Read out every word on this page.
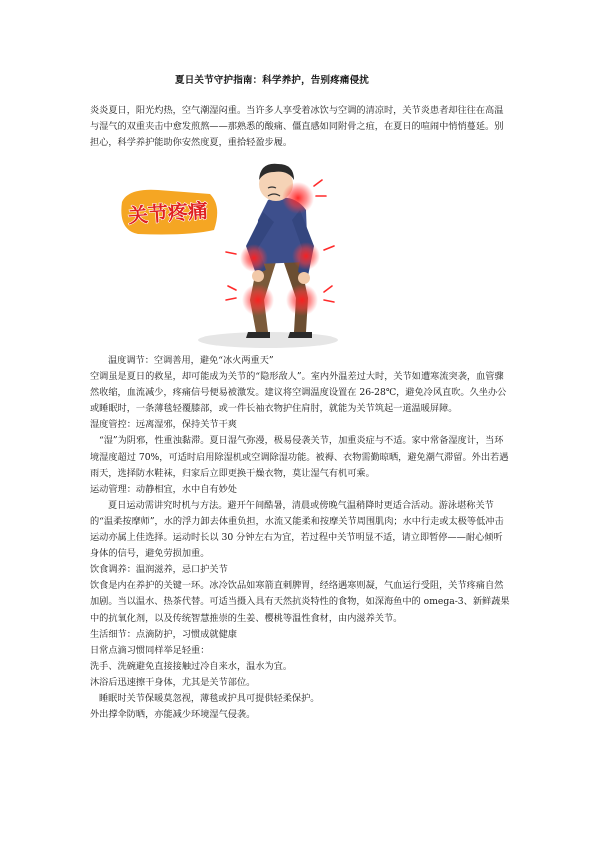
夏日关节守护指南：科学养护，告别疼痛侵扰

炎炎夏日，阳光灼热，空气潮湿闷重。当许多人享受着冰饮与空调的清凉时，关节炎患者却往往在高温与湿气的双重夹击中愈发煎熬——那熟悉的酸痛、僵直感如同附骨之疽，在夏日的喧闹中悄悄蔓延。别担心，科学养护能助你安然度夏，重拾轻盈步履。

关节疼痛

温度调节：空调善用，避免“冰火两重天”

空调虽是夏日的救星，却可能成为关节的“隐形敌人”。室内外温差过大时，关节如遭寒流突袭，血管骤然收缩，血流减少，疼痛信号便易被激发。建议将空调温度设置在 26-28℃，避免冷风直吹。久坐办公或睡眠时，一条薄毯轻覆膝部，或一件长袖衣物护住肩肘，就能为关节筑起一道温暖屏障。

湿度管控：远离湿邪，保持关节干爽

“湿”为阴邪，性重浊黏滞。夏日湿气弥漫，极易侵袭关节，加重炎症与不适。家中常备湿度计，当环境湿度超过 70%，可适时启用除湿机或空调除湿功能。被褥、衣物需勤晾晒，避免潮气滞留。外出若遇雨天，选择防水鞋袜，归家后立即更换干燥衣物，莫让湿气有机可乘。

运动管理：动静相宜，水中自有妙处

夏日运动需讲究时机与方法。避开午间酷暑，清晨或傍晚气温稍降时更适合活动。游泳堪称关节的“温柔按摩师”，水的浮力卸去体重负担，水流又能柔和按摩关节周围肌肉；水中行走或太极等低冲击运动亦属上佳选择。运动时长以 30 分钟左右为宜，若过程中关节明显不适，请立即暂停——耐心倾听身体的信号，避免劳损加重。

饮食调养：温润滋养，忌口护关节

饮食是内在养护的关键一环。冰冷饮品如寒箭直刺脾胃，经络遇寒则凝，气血运行受阻，关节疼痛自然加剧。当以温水、热茶代替。可适当摄入具有天然抗炎特性的食物，如深海鱼中的 omega-3、新鲜蔬果中的抗氧化剂，以及传统智慧推崇的生姜、樱桃等温性食材，由内滋养关节。

生活细节：点滴防护，习惯成就健康

日常点滴习惯同样举足轻重：

洗手、洗碗避免直接接触过冷自来水，温水为宜。

沐浴后迅速擦干身体，尤其是关节部位。

睡眠时关节保暖莫忽视，薄毯或护具可提供轻柔保护。

外出撑伞防晒，亦能减少环境湿气侵袭。
